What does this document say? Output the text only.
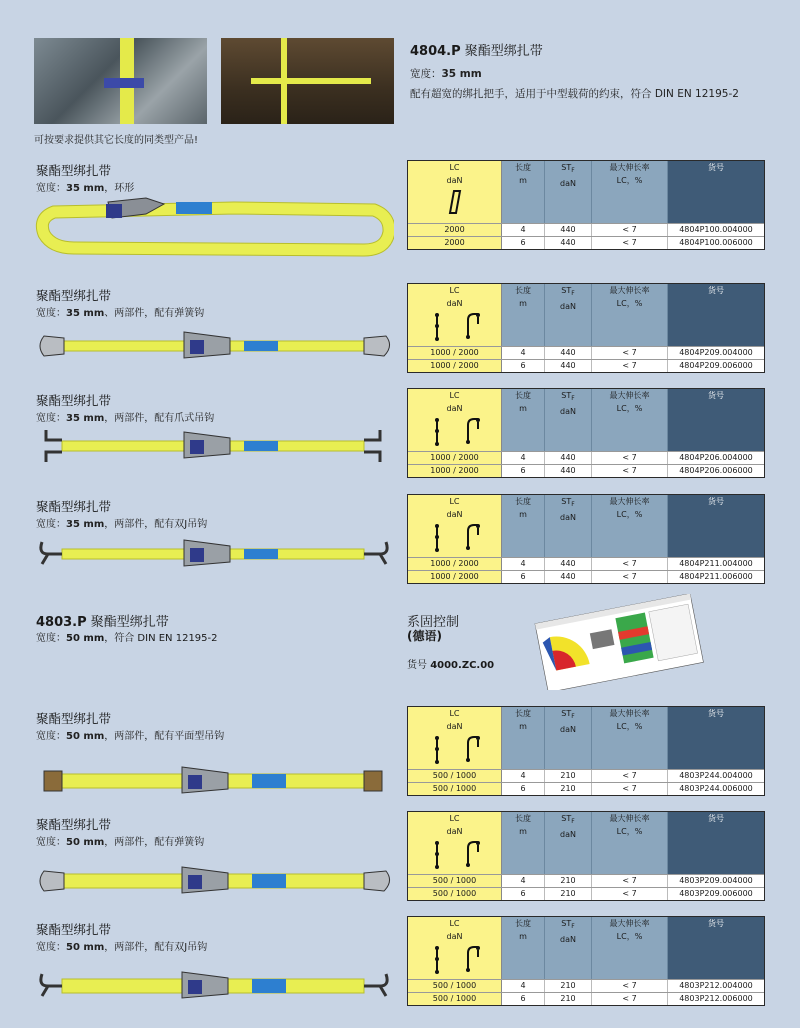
4804.P 聚酯型绑扎带
宽度：35 mm
配有超宽的绑扎把手，适用于中型载荷的约束，符合 DIN EN 12195-2
可按要求提供其它长度的同类型产品!
4803.P 聚酯型绑扎带
宽度：50 mm，符合 DIN EN 12195-2
系固控制
(德语)
货号 4000.ZC.00
聚酯型绑扎带
宽度：35 mm，环形
LC
daN
长度
m
$ST_F$
daN
最大伸长率
LC，%
货号
2000	4	440	< 7	4804P100.004000
2000	6	440	< 7	4804P100.006000
聚酯型绑扎带
宽度：35 mm、两部件，配有弹簧钩
LC
daN
长度
m
$ST_F$
daN
最大伸长率
LC，%
货号
1000 / 2000	4	440	< 7	4804P209.004000
1000 / 2000	6	440	< 7	4804P209.006000
聚酯型绑扎带
宽度：35 mm，两部件，配有爪式吊钩
LC
daN
长度
m
$ST_F$
daN
最大伸长率
LC，%
货号
1000 / 2000	4	440	< 7	4804P206.004000
1000 / 2000	6	440	< 7	4804P206.006000
聚酯型绑扎带
宽度：35 mm，两部件，配有双J吊钩
LC
daN
长度
m
$ST_F$
daN
最大伸长率
LC，%
货号
1000 / 2000	4	440	< 7	4804P211.004000
1000 / 2000	6	440	< 7	4804P211.006000
聚酯型绑扎带
宽度：50 mm，两部件，配有平面型吊钩
LC
daN
长度
m
$ST_F$
daN
最大伸长率
LC，%
货号
500 / 1000	4	210	< 7	4803P244.004000
500 / 1000	6	210	< 7	4803P244.006000
聚酯型绑扎带
宽度：50 mm，两部件，配有弹簧钩
LC
daN
长度
m
$ST_F$
daN
最大伸长率
LC，%
货号
500 / 1000	4	210	< 7	4803P209.004000
500 / 1000	6	210	< 7	4803P209.006000
聚酯型绑扎带
宽度：50 mm，两部件，配有双J吊钩
LC
daN
长度
m
$ST_F$
daN
最大伸长率
LC，%
货号
500 / 1000	4	210	< 7	4803P212.004000
500 / 1000	6	210	< 7	4803P212.006000
